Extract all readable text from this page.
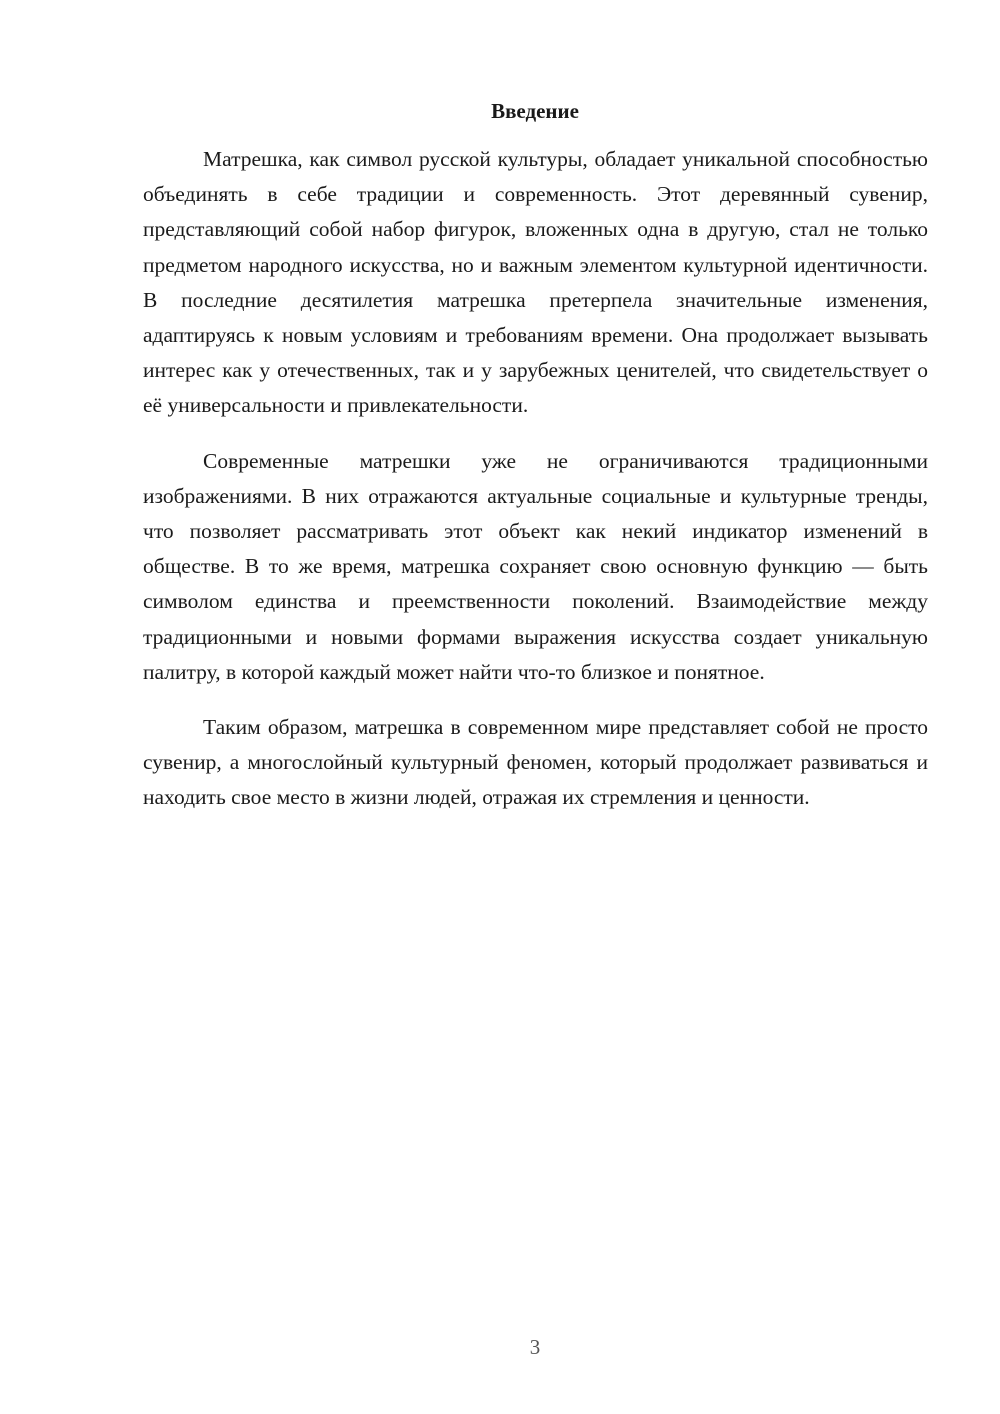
Введение

Матрешка, как символ русской культуры, обладает уникальной способностью объединять в себе традиции и современность. Этот деревянный сувенир, представляющий собой набор фигурок, вложенных одна в другую, стал не только предметом народного искусства, но и важным элементом культурной идентичности. В последние десятилетия матрешка претерпела значительные изменения, адаптируясь к новым условиям и требованиям времени. Она продолжает вызывать интерес как у отечественных, так и у зарубежных ценителей, что свидетельствует о её универсальности и привлекательности.

Современные матрешки уже не ограничиваются традиционными изображениями. В них отражаются актуальные социальные и культурные тренды, что позволяет рассматривать этот объект как некий индикатор изменений в обществе. В то же время, матрешка сохраняет свою основную функцию — быть символом единства и преемственности поколений. Взаимодействие между традиционными и новыми формами выражения искусства создает уникальную палитру, в которой каждый может найти что-то близкое и понятное.

Таким образом, матрешка в современном мире представляет собой не просто сувенир, а многослойный культурный феномен, который продолжает развиваться и находить свое место в жизни людей, отражая их стремления и ценности.

3
